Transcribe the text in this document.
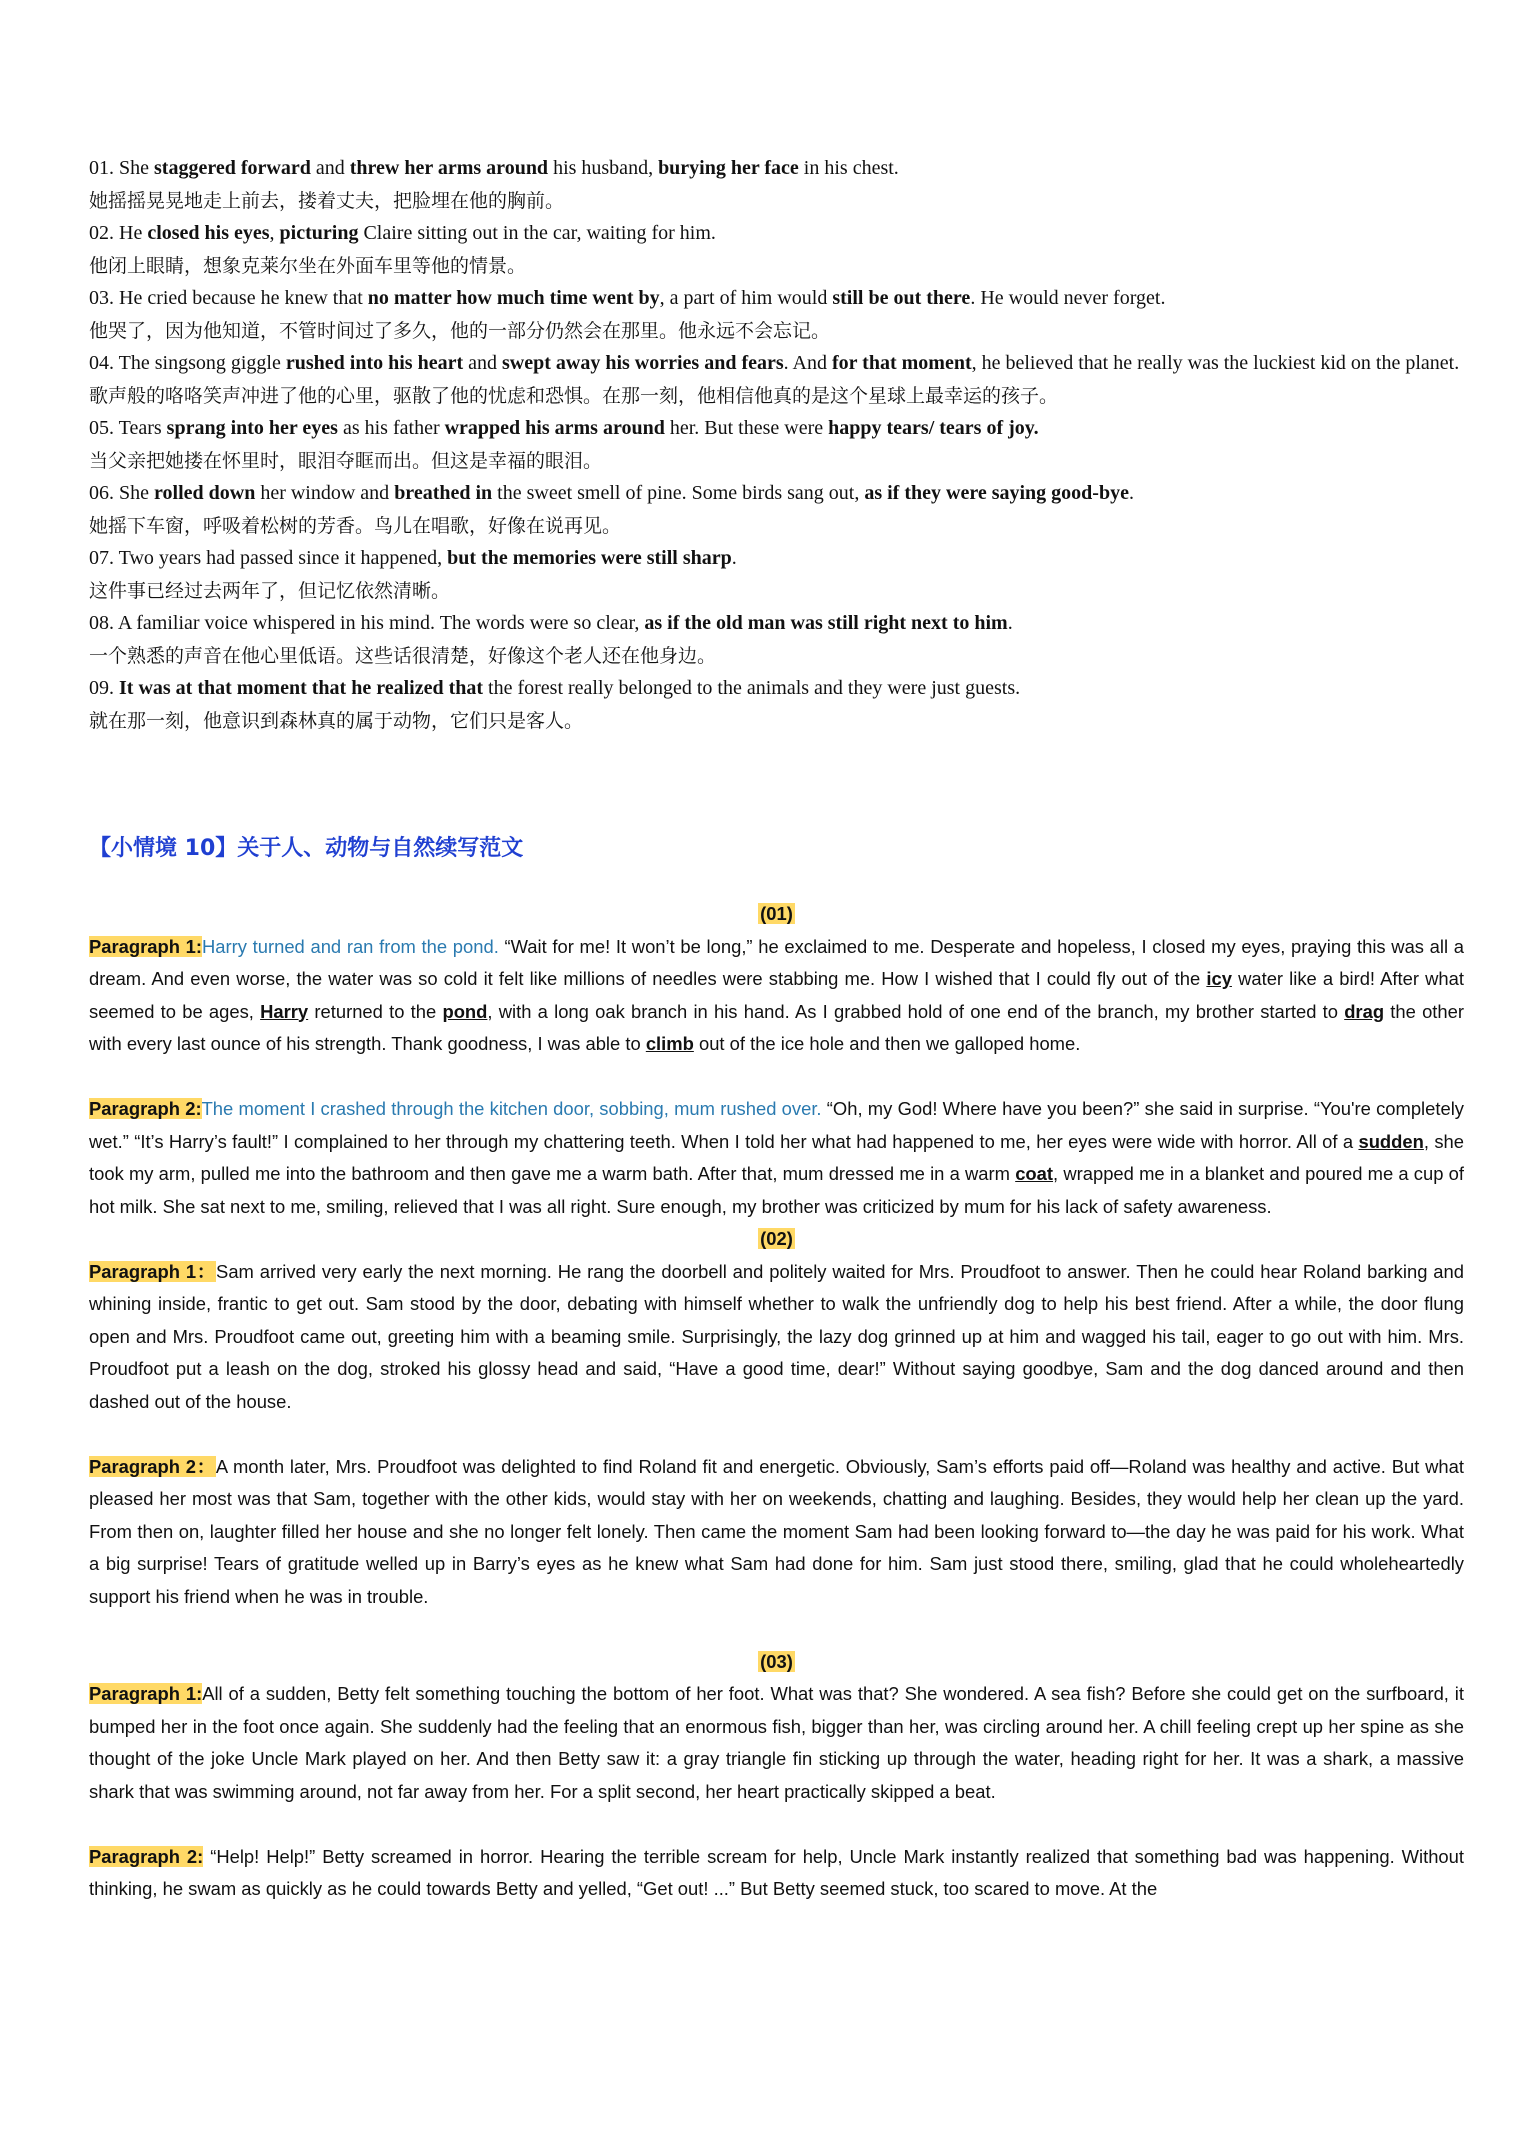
01. She staggered forward and threw her arms around his husband, burying her face in his chest.

她摇摇晃晃地走上前去，搂着丈夫，把脸埋在他的胸前。

02. He closed his eyes, picturing Claire sitting out in the car, waiting for him.

他闭上眼睛，想象克莱尔坐在外面车里等他的情景。

03. He cried because he knew that no matter how much time went by, a part of him would still be out there. He would never forget.

他哭了，因为他知道，不管时间过了多久，他的一部分仍然会在那里。他永远不会忘记。

04. The singsong giggle rushed into his heart and swept away his worries and fears. And for that moment, he believed that he really was the luckiest kid on the planet.

歌声般的咯咯笑声冲进了他的心里，驱散了他的忧虑和恐惧。在那一刻，他相信他真的是这个星球上最幸运的孩子。

05. Tears sprang into her eyes as his father wrapped his arms around her. But these were happy tears/ tears of joy.

当父亲把她搂在怀里时，眼泪夺眶而出。但这是幸福的眼泪。

06. She rolled down her window and breathed in the sweet smell of pine. Some birds sang out, as if they were saying good-bye.

她摇下车窗，呼吸着松树的芳香。鸟儿在唱歌，好像在说再见。

07. Two years had passed since it happened, but the memories were still sharp.

这件事已经过去两年了，但记忆依然清晰。

08. A familiar voice whispered in his mind. The words were so clear, as if the old man was still right next to him.

一个熟悉的声音在他心里低语。这些话很清楚，好像这个老人还在他身边。

09. It was at that moment that he realized that the forest really belonged to the animals and they were just guests.

就在那一刻，他意识到森林真的属于动物，它们只是客人。

【小情境 10】关于人、动物与自然续写范文

(01)

Paragraph 1:Harry turned and ran from the pond. “Wait for me! It won’t be long,” he exclaimed to me. Desperate and hopeless, I closed my eyes, praying this was all a dream. And even worse, the water was so cold it felt like millions of needles were stabbing me. How I wished that I could fly out of the icy water like a bird! After what seemed to be ages, Harry returned to the pond, with a long oak branch in his hand. As I grabbed hold of one end of the branch, my brother started to drag the other with every last ounce of his strength. Thank goodness, I was able to climb out of the ice hole and then we galloped home.

Paragraph 2:The moment I crashed through the kitchen door, sobbing, mum rushed over. “Oh, my God! Where have you been?” she said in surprise. “You're completely wet.” “It’s Harry’s fault!” I complained to her through my chattering teeth. When I told her what had happened to me, her eyes were wide with horror. All of a sudden, she took my arm, pulled me into the bathroom and then gave me a warm bath. After that, mum dressed me in a warm coat, wrapped me in a blanket and poured me a cup of hot milk. She sat next to me, smiling, relieved that I was all right. Sure enough, my brother was criticized by mum for his lack of safety awareness.

(02)

Paragraph 1：Sam arrived very early the next morning. He rang the doorbell and politely waited for Mrs. Proudfoot to answer. Then he could hear Roland barking and whining inside, frantic to get out. Sam stood by the door, debating with himself whether to walk the unfriendly dog to help his best friend. After a while, the door flung open and Mrs. Proudfoot came out, greeting him with a beaming smile. Surprisingly, the lazy dog grinned up at him and wagged his tail, eager to go out with him. Mrs. Proudfoot put a leash on the dog, stroked his glossy head and said, “Have a good time, dear!” Without saying goodbye, Sam and the dog danced around and then dashed out of the house.

Paragraph 2：A month later, Mrs. Proudfoot was delighted to find Roland fit and energetic. Obviously, Sam’s efforts paid off—Roland was healthy and active. But what pleased her most was that Sam, together with the other kids, would stay with her on weekends, chatting and laughing. Besides, they would help her clean up the yard. From then on, laughter filled her house and she no longer felt lonely. Then came the moment Sam had been looking forward to—the day he was paid for his work. What a big surprise! Tears of gratitude welled up in Barry’s eyes as he knew what Sam had done for him. Sam just stood there, smiling, glad that he could wholeheartedly support his friend when he was in trouble.

(03)

Paragraph 1:All of a sudden, Betty felt something touching the bottom of her foot. What was that? She wondered. A sea fish? Before she could get on the surfboard, it bumped her in the foot once again. She suddenly had the feeling that an enormous fish, bigger than her, was circling around her. A chill feeling crept up her spine as she thought of the joke Uncle Mark played on her. And then Betty saw it: a gray triangle fin sticking up through the water, heading right for her. It was a shark, a massive shark that was swimming around, not far away from her. For a split second, her heart practically skipped a beat.

Paragraph 2: “Help! Help!” Betty screamed in horror. Hearing the terrible scream for help, Uncle Mark instantly realized that something bad was happening. Without thinking, he swam as quickly as he could towards Betty and yelled, “Get out! ...” But Betty seemed stuck, too scared to move. At the
